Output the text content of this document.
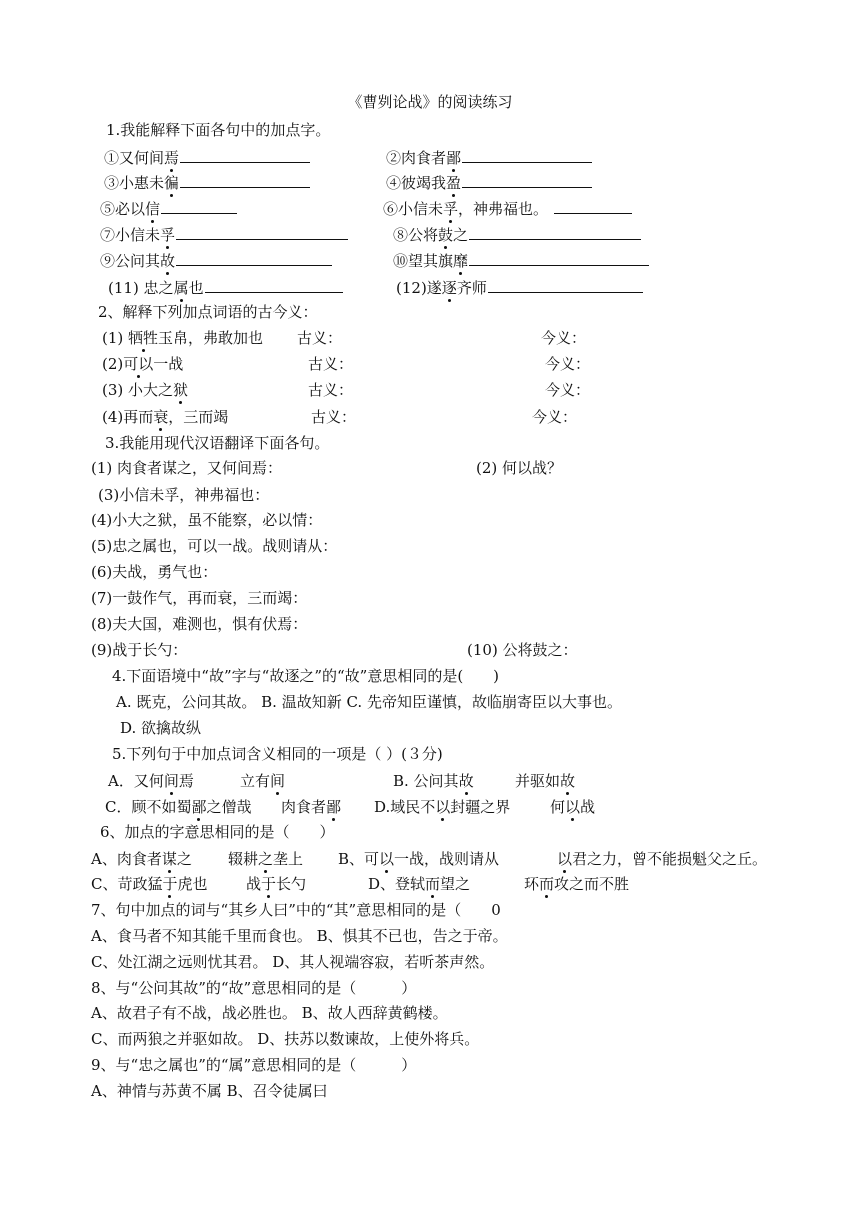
《曹刿论战》的阅读练习
1.我能解释下面各句中的加点字。
①又何间焉	②肉食者鄙
③小惠未徧	④彼竭我盈
⑤必以信	⑥小信未孚，神弗福也。
⑦小信未孚	⑧公将鼓之
⑨公问其故	⑩望其旗靡
(11) 忠之属也	(12)遂逐齐师
2、解释下列加点词语的古今义：
(1) 牺牲玉帛，弗敢加也 古义：	今义：
(2)可以一战	古义：	今义：
(3) 小大之狱	古义：	今义：
(4)再而衰，三而竭	古义：	今义：
3.我能用现代汉语翻译下面各句。
(1) 肉食者谋之，又何间焉：	(2) 何以战？
(3)小信未孚，神弗福也：
(4)小大之狱，虽不能察，必以情：
(5)忠之属也，可以一战。战则请从：
(6)夫战，勇气也：
(7)一鼓作气，再而衰，三而竭：
(8)夫大国，难测也，惧有伏焉：
(9)战于长勺：	(10) 公将鼓之：
4.下面语境中“故”字与“故逐之”的“故”意思相同的是(　　)
A. 既克，公问其故。 B. 温故知新 C. 先帝知臣谨慎，故临崩寄臣以大事也。
D. 欲擒故纵
5.下列句于中加点词含义相同的一项是（ ）(３分)
A．又何间焉	立有间	B. 公问其故	并驱如故
C．顾不如蜀鄙之僧哉 肉食者鄙 D.域民不以封疆之界	何以战
6、加点的字意思相同的是（　　）
A、肉食者谋之 辍耕之垄上 B、可以一战，战则请从	以君之力，曾不能损魁父之丘。
C、苛政猛于虎也	战于长勺	D、登轼而望之	环而攻之而不胜
7、句中加点的词与“其乡人曰”中的“其”意思相同的是（　　0
A、食马者不知其能千里而食也。 B、惧其不已也，告之于帝。
C、处江湖之远则忧其君。 D、其人视端容寂，若听茶声然。
8、与“公问其故”的“故”意思相同的是（　　　）
A、故君子有不战，战必胜也。 B、故人西辞黄鹤楼。
C、而两狼之并驱如故。 D、扶苏以数谏故，上使外将兵。
9、与“忠之属也”的“属”意思相同的是（　　　）
A、神情与苏黄不属 B、召令徒属曰
